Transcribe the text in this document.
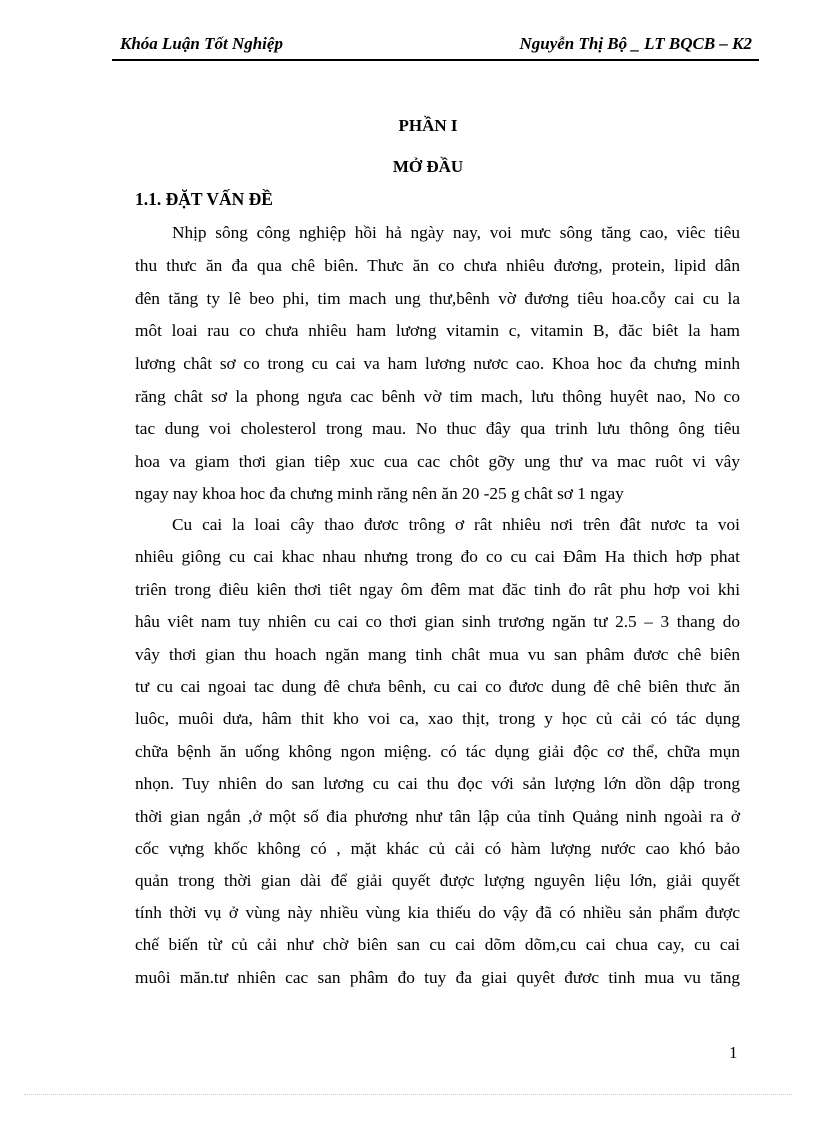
Khóa Luận Tốt Nghiệp	Nguyễn Thị Bộ _ LT BQCB – K2
PHẦN I
MỞ ĐẦU
1.1. ĐẶT VẤN ĐỀ
Nhịp sông công nghiệp hồi hả ngày nay, voi mưc sông tăng cao, viêc tiêu
thu thưc ăn đa qua chê biên. Thưc ăn co chưa nhiêu đương, protein, lipid dân
đên tăng ty lê beo phi, tim mach ung thư,bênh vờ đương tiêu hoa.cỗy cai cu la
môt loai rau co chưa nhiêu ham lương vitamin c, vitamin B, đăc biêt la ham
lương chât sơ co trong cu cai va ham lương nươc cao. Khoa hoc đa chưng minh
răng chât sơ la phong ngưa cac bênh vờ tim mach, lưu thông huyêt nao, No co
tac dung voi cholesterol trong mau. No thuc đây qua trinh lưu thông ông tiêu
hoa va giam thơi gian tiêp xuc cua cac chôt gỡy ung thư va mac ruôt vi vây
ngay nay khoa hoc đa chưng minh răng nên ăn 20 -25 g chât sơ 1 ngay
Cu cai la loai cây thao đươc trông ơ rât nhiêu nơi trên đât nươc ta voi
nhiêu giông cu cai khac nhau nhưng trong đo co cu cai Đâm Ha thich hơp phat
triên trong điêu kiên thơi tiêt ngay ôm đêm mat đăc tinh đo rât phu hơp voi khi
hâu viêt nam tuy nhiên cu cai co thơi gian sinh trương ngăn tư 2.5 – 3 thang do
vây thơi gian thu hoach ngăn mang tinh chât mua vu san phâm đươc chê biên
tư cu cai ngoai tac dung đê chưa bênh, cu cai co đươc dung đê chê biên thưc ăn
luôc, muôi dưa, hâm thit kho voi ca, xao thịt, trong y học củ cải có tác dụng
chữa bệnh ăn uống không ngon miệng. có tác dụng giải độc cơ thể, chữa mụn
nhọn. Tuy nhiên do san lương cu cai thu đọc với sản lượng lớn dồn dập trong
thời gian ngắn ,ở một số đia phương như tân lập của tỉnh Quảng ninh ngoài ra ở
cốc vựng khốc không có , mặt khác củ cải có hàm lượng nước cao khó bảo
quản trong thời gian dài để giải quyết được lượng nguyên liệu lớn, giải quyết
tính thời vụ ở vùng này nhiều vùng kia thiếu do vậy đã có nhiều sản phẩm được
chế biến từ củ cải như chờ biên san cu cai dõm dõm,cu cai chua cay, cu cai
muôi măn.tư nhiên cac san phâm đo tuy đa giai quyêt đươc tinh mua vu tăng
1
